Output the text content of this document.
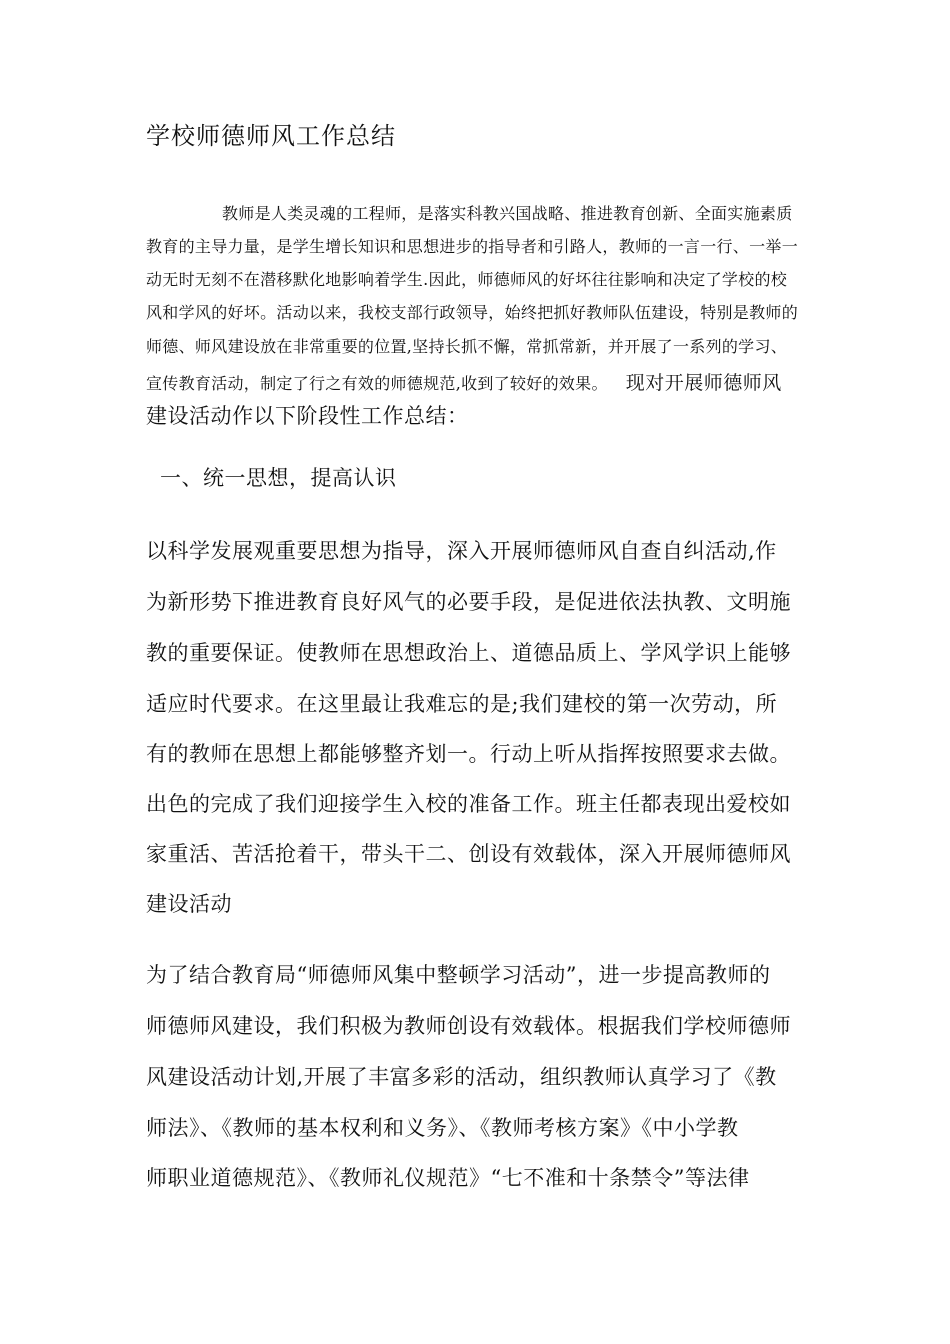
学校师德师风工作总结
教师是人类灵魂的工程师，是落实科教兴国战略、推进教育创新、全面实施素质
教育的主导力量，是学生增长知识和思想进步的指导者和引路人，教师的一言一行、一举一
动无时无刻不在潜移默化地影响着学生.因此，师德师风的好坏往往影响和决定了学校的校
风和学风的好坏。活动以来，我校支部行政领导，始终把抓好教师队伍建设，特别是教师的
师德、师风建设放在非常重要的位置,坚持长抓不懈，常抓常新，并开展了一系列的学习、
宣传教育活动，制定了行之有效的师德规范,收到了较好的效果。 现对开展师德师风
建设活动作以下阶段性工作总结：
一、统一思想，提高认识
以科学发展观重要思想为指导，深入开展师德师风自查自纠活动,作
为新形势下推进教育良好风气的必要手段，是促进依法执教、文明施
教的重要保证。使教师在思想政治上、道德品质上、学风学识上能够
适应时代要求。在这里最让我难忘的是;我们建校的第一次劳动，所
有的教师在思想上都能够整齐划一。行动上听从指挥按照要求去做。
出色的完成了我们迎接学生入校的准备工作。班主任都表现出爱校如
家重活、苦活抢着干，带头干二、创设有效载体，深入开展师德师风
建设活动
为了结合教育局“师德师风集中整顿学习活动”，进一步提高教师的
师德师风建设，我们积极为教师创设有效载体。根据我们学校师德师
风建设活动计划,开展了丰富多彩的活动，组织教师认真学习了《教
师法》、《教师的基本权利和义务》、《教师考核方案》《中小学教
师职业道德规范》、《教师礼仪规范》“七不准和十条禁令”等法律
